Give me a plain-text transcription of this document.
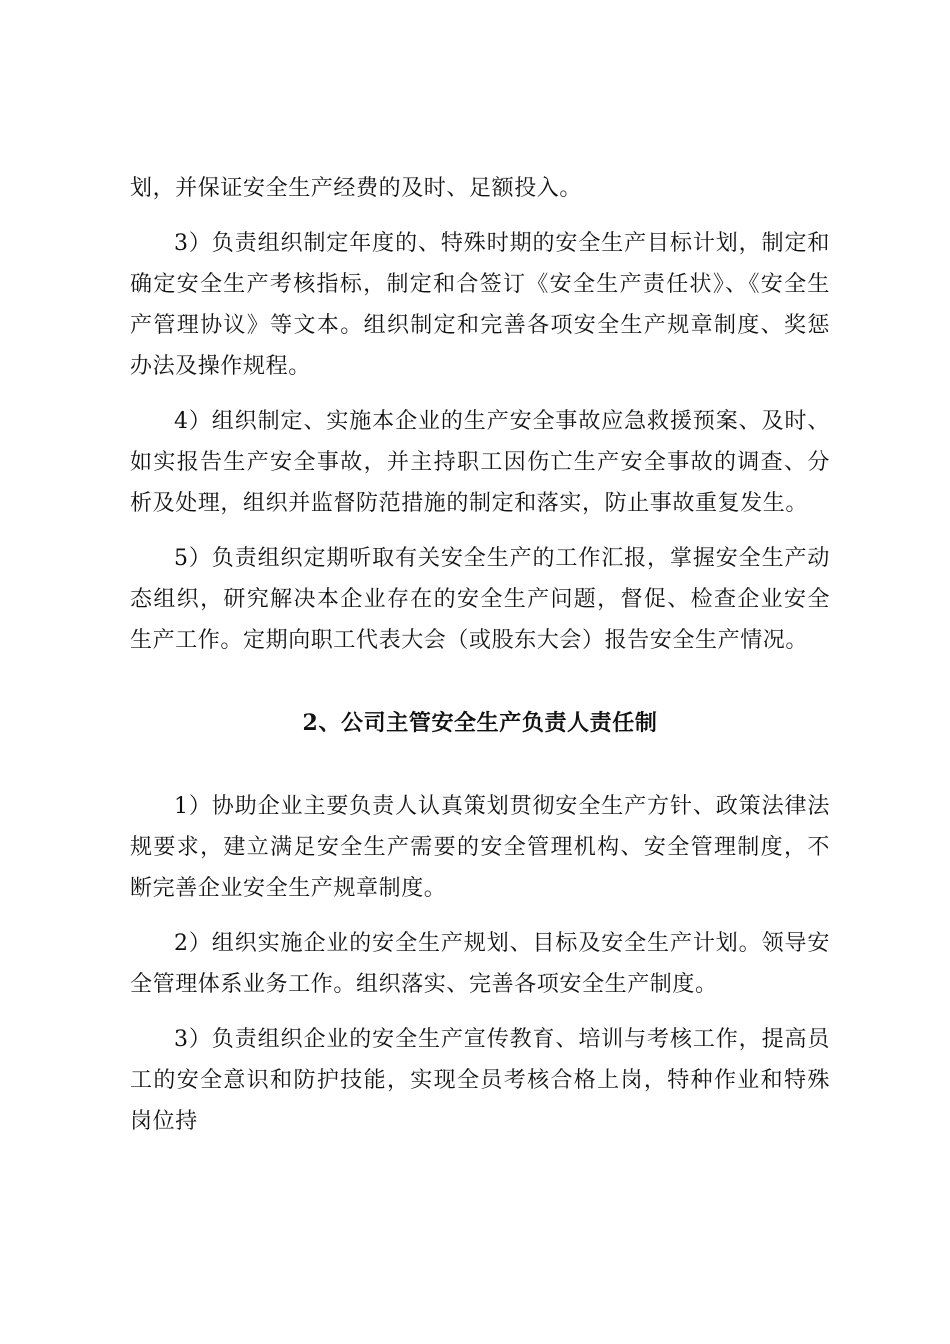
划，并保证安全生产经费的及时、足额投入。

3）负责组织制定年度的、特殊时期的安全生产目标计划，制定和确定安全生产考核指标，制定和合签订《安全生产责任状》、《安全生产管理协议》等文本。组织制定和完善各项安全生产规章制度、奖惩办法及操作规程。

4）组织制定、实施本企业的生产安全事故应急救援预案、及时、如实报告生产安全事故，并主持职工因伤亡生产安全事故的调查、分析及处理，组织并监督防范措施的制定和落实，防止事故重复发生。

5）负责组织定期听取有关安全生产的工作汇报，掌握安全生产动态组织，研究解决本企业存在的安全生产问题，督促、检查企业安全生产工作。定期向职工代表大会（或股东大会）报告安全生产情况。

2、公司主管安全生产负责人责任制

1）协助企业主要负责人认真策划贯彻安全生产方针、政策法律法规要求，建立满足安全生产需要的安全管理机构、安全管理制度，不断完善企业安全生产规章制度。

2）组织实施企业的安全生产规划、目标及安全生产计划。领导安全管理体系业务工作。组织落实、完善各项安全生产制度。

3）负责组织企业的安全生产宣传教育、培训与考核工作，提高员工的安全意识和防护技能，实现全员考核合格上岗，特种作业和特殊岗位持
